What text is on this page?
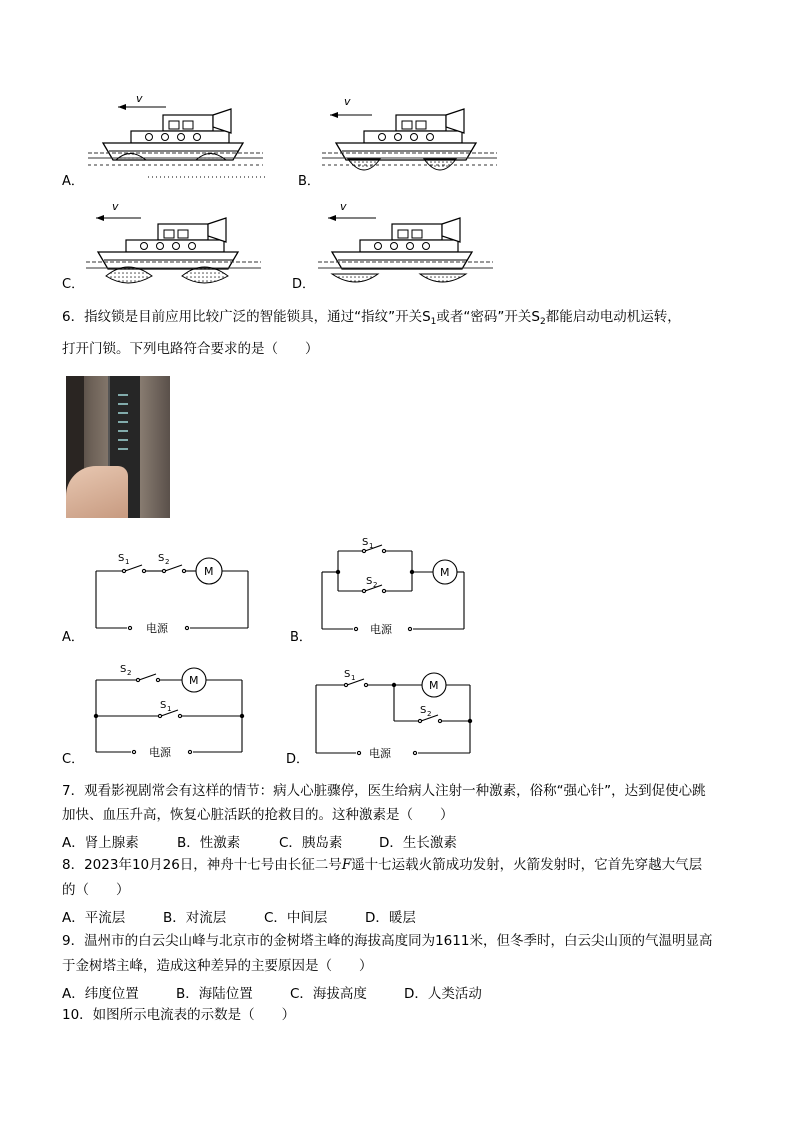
A．
v
B．
v
C．
v
D．
v
6．指纹锁是目前应用比较广泛的智能锁具，通过“指纹”开关$S_1$或者“密码”开关$S_2$都能启动电动机运转，
打开门锁。下列电路符合要求的是（　　）
A．
S 1	S 2
M
电源
B．
S 1
S 2
M
电源
C．
S 2
S 1
M
电源	D．
S 1
S 2
M
电源
7．观看影视剧常会有这样的情节：病人心脏骤停，医生给病人注射一种激素，俗称“强心针”，达到促使心跳
加快、血压升高，恢复心脏活跃的抢救目的。这种激素是（　　）
A．肾上腺素	B．性激素	C．胰岛素	D．生长激素
8．2023年10月26日，神舟十七号由长征二号F遥十七运载火箭成功发射，火箭发射时，它首先穿越大气层
的（　　）
A．平流层	B．对流层	C．中间层	D．暖层
9．温州市的白云尖山峰与北京市的金树塔主峰的海拔高度同为1611米，但冬季时，白云尖山顶的气温明显高
于金树塔主峰，造成这种差异的主要原因是（　　）
A．纬度位置	B．海陆位置	C．海拔高度	D．人类活动
10．如图所示电流表的示数是（　　）
